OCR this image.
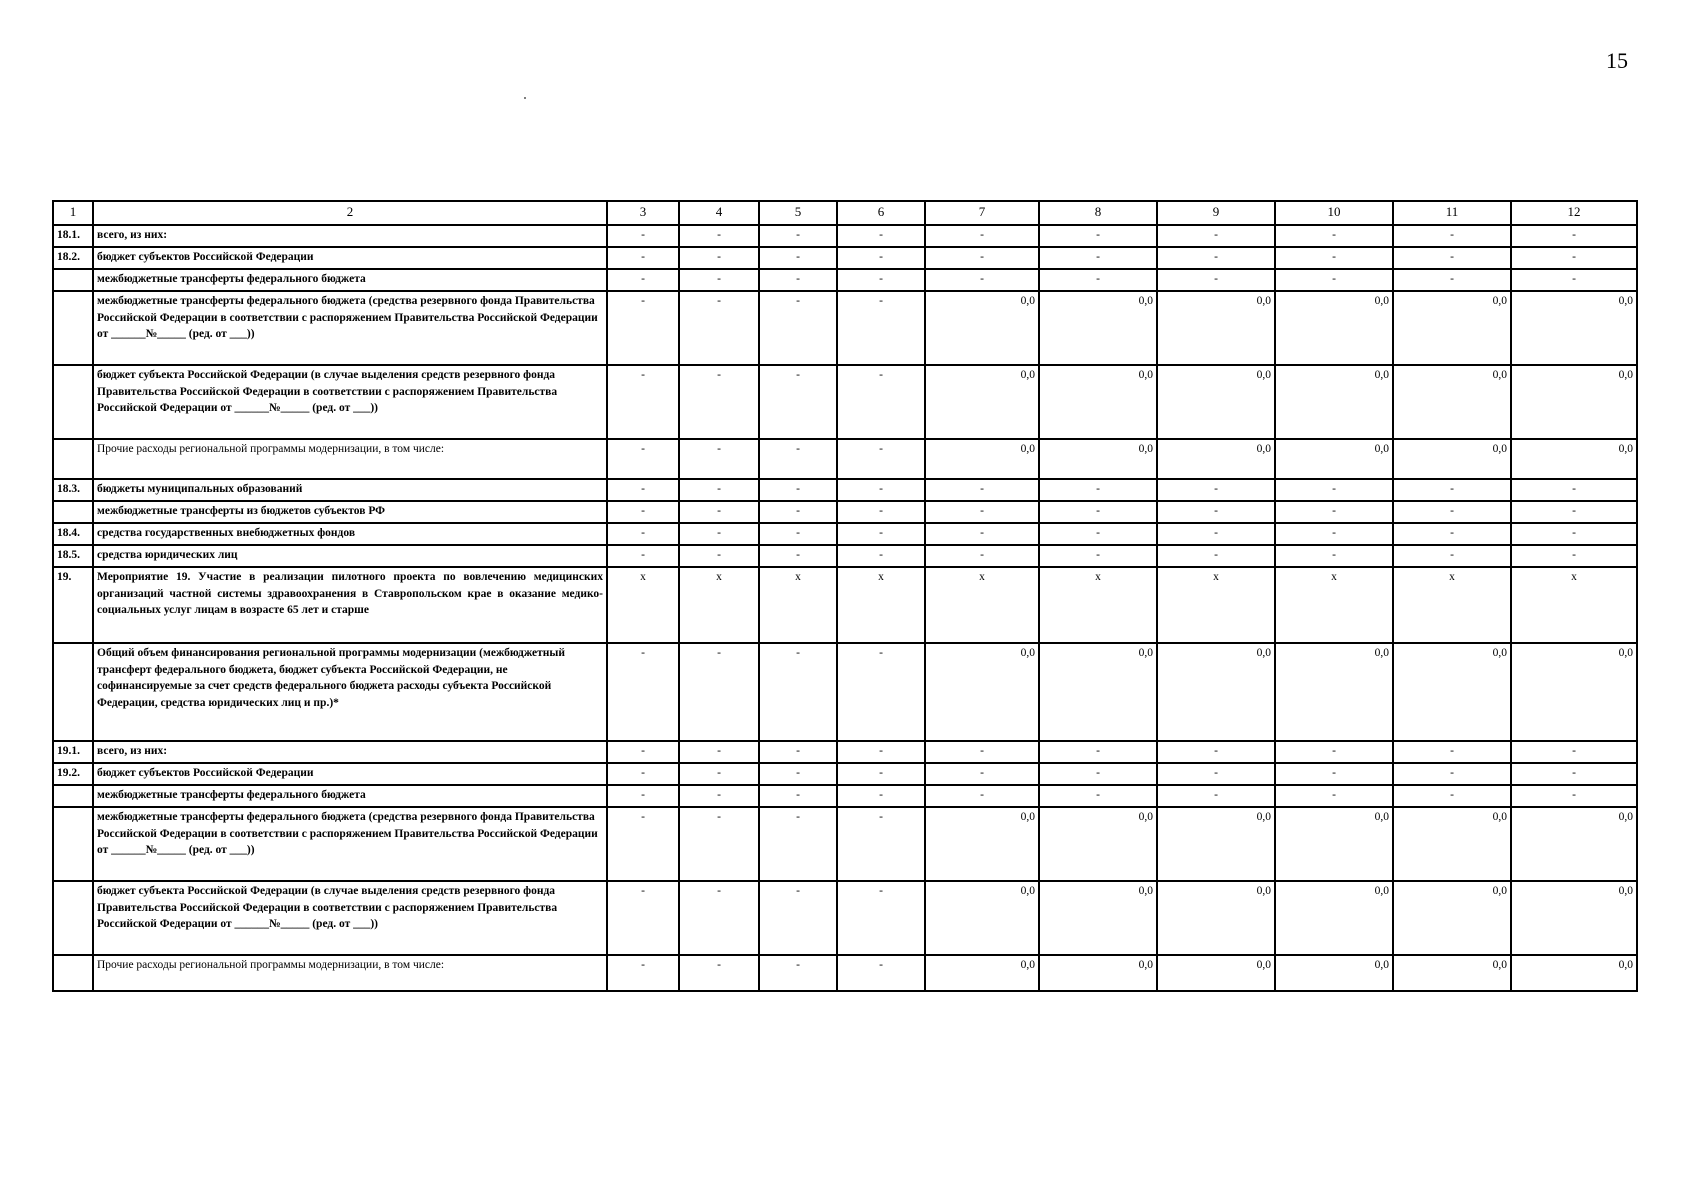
15
1	2	3	4	5	6	7	8	9	10	11	12
18.1.	всего, из них:	-	-	-	-	-	-	-	-	-	-
18.2.	бюджет субъектов Российской Федерации	-	-	-	-	-	-	-	-	-	-
	межбюджетные трансферты федерального бюджета	-	-	-	-	-	-	-	-	-	-
	межбюджетные трансферты федерального бюджета (средства резервного фонда Правительства Российской Федерации в соответствии с распоряжением Правительства Российской Федерации от ______№_____ (ред. от ___))	-	-	-	-	0,0	0,0	0,0	0,0	0,0	0,0
	бюджет субъекта Российской Федерации (в случае выделения средств резервного фонда Правительства Российской Федерации в соответствии с распоряжением Правительства Российской Федерации от ______№_____ (ред. от ___))	-	-	-	-	0,0	0,0	0,0	0,0	0,0	0,0
	Прочие расходы региональной программы модернизации, в том числе:	-	-	-	-	0,0	0,0	0,0	0,0	0,0	0,0
18.3.	бюджеты муниципальных образований	-	-	-	-	-	-	-	-	-	-
	межбюджетные трансферты из бюджетов субъектов РФ	-	-	-	-	-	-	-	-	-	-
18.4.	средства государственных внебюджетных фондов	-	-	-	-	-	-	-	-	-	-
18.5.	средства юридических лиц	-	-	-	-	-	-	-	-	-	-
19.	Мероприятие 19. Участие в реализации пилотного проекта по вовлечению медицинских организаций частной системы здравоохранения в Ставропольском крае в оказание медико-социальных услуг лицам в возрасте 65 лет и старше	x	x	x	x	x	x	x	x	x	x
	Общий объем финансирования региональной программы модернизации (межбюджетный трансферт федерального бюджета, бюджет субъекта Российской Федерации, не софинансируемые за счет средств федерального бюджета расходы субъекта Российской Федерации, средства юридических лиц и пр.)*	-	-	-	-	0,0	0,0	0,0	0,0	0,0	0,0
19.1.	всего, из них:	-	-	-	-	-	-	-	-	-	-
19.2.	бюджет субъектов Российской Федерации	-	-	-	-	-	-	-	-	-	-
	межбюджетные трансферты федерального бюджета	-	-	-	-	-	-	-	-	-	-
	межбюджетные трансферты федерального бюджета (средства резервного фонда Правительства Российской Федерации в соответствии с распоряжением Правительства Российской Федерации от ______№_____ (ред. от ___))	-	-	-	-	0,0	0,0	0,0	0,0	0,0	0,0
	бюджет субъекта Российской Федерации (в случае выделения средств резервного фонда Правительства Российской Федерации в соответствии с распоряжением Правительства Российской Федерации от ______№_____ (ред. от ___))	-	-	-	-	0,0	0,0	0,0	0,0	0,0	0,0
	Прочие расходы региональной программы модернизации, в том числе:	-	-	-	-	0,0	0,0	0,0	0,0	0,0	0,0
